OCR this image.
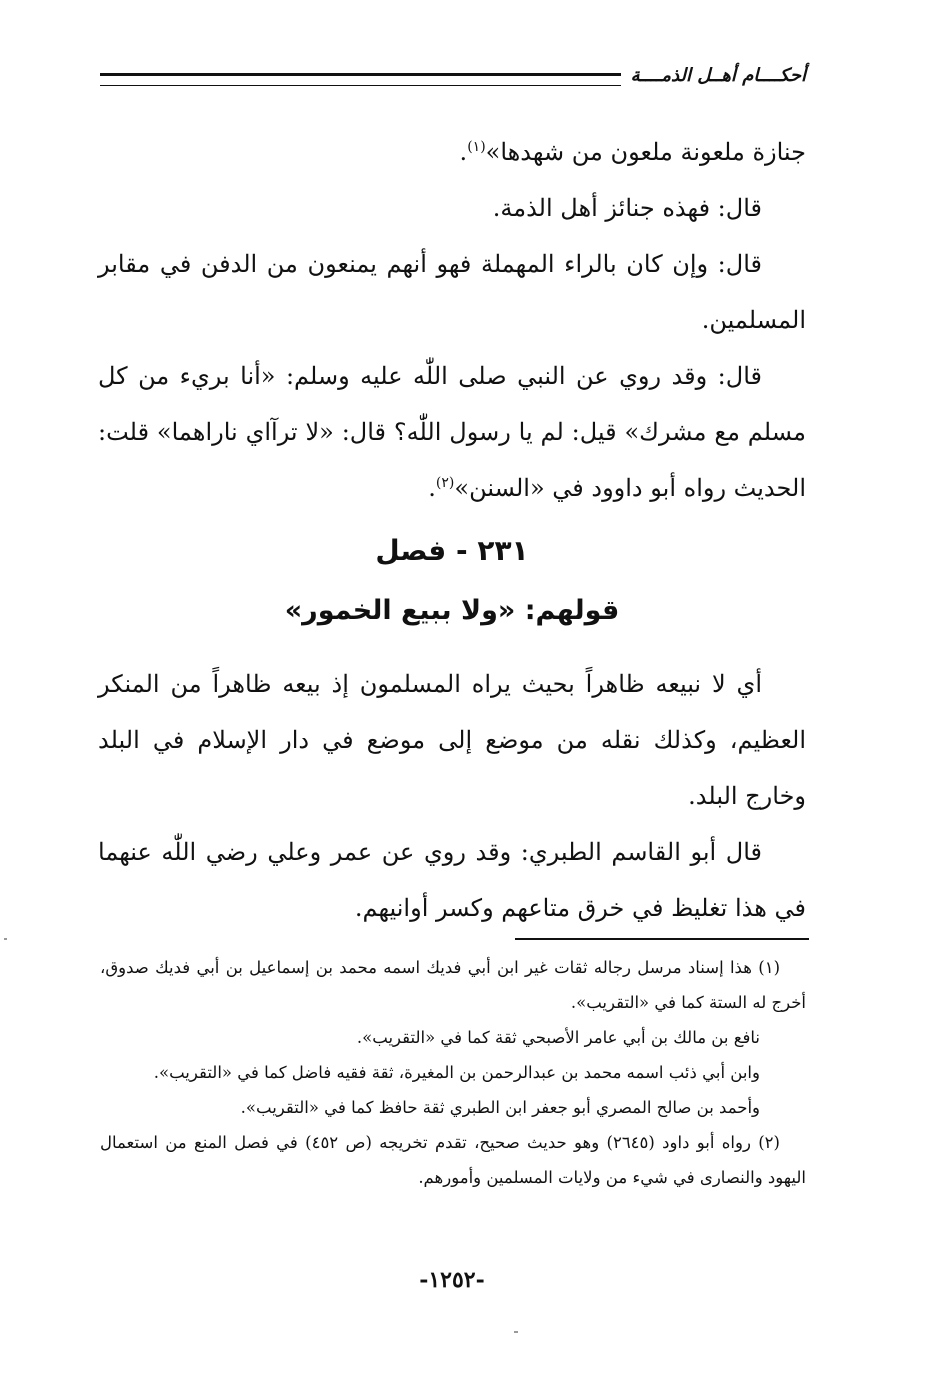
أحكــــام أهــل الذمــــة

جنازة ملعونة ملعون من شهدها»$^{(١)}$.

قال: فهذه جنائز أهل الذمة.

قال: وإن كان بالراء المهملة فهو أنهم يمنعون من الدفن في مقابر المسلمين.

قال: وقد روي عن النبي صلى اللّٰه عليه وسلم: «أنا بريء من كل مسلم مع مشرك» قيل: لم يا رسول اللّٰه؟ قال: «لا ترآاي ناراهما» قلت: الحديث رواه أبو داوود في «السنن»$^{(٢)}$.

٢٣١ - فصل
قولهم: «ولا ببيع الخمور»

أي لا نبيعه ظاهراً بحيث يراه المسلمون إذ بيعه ظاهراً من المنكر العظيم، وكذلك نقله من موضع إلى موضع في دار الإسلام في البلد وخارج البلد.

قال أبو القاسم الطبري: وقد روي عن عمر وعلي رضي اللّٰه عنهما في هذا تغليظ في خرق متاعهم وكسر أوانيهم.

(١) هذا إسناد مرسل رجاله ثقات غير ابن أبي فديك اسمه محمد بن إسماعيل بن أبي فديك صدوق، أخرج له الستة كما في «التقريب».

نافع بن مالك بن أبي عامر الأصبحي ثقة كما في «التقريب».

وابن أبي ذئب اسمه محمد بن عبدالرحمن بن المغيرة، ثقة فقيه فاضل كما في «التقريب».

وأحمد بن صالح المصري أبو جعفر ابن الطبري ثقة حافظ كما في «التقريب».

(٢) رواه أبو داود (٢٦٤٥) وهو حديث صحيح، تقدم تخريجه (ص ٤٥٢) في فصل المنع من استعمال اليهود والنصارى في شيء من ولايات المسلمين وأمورهم.

-١٢٥٢-
